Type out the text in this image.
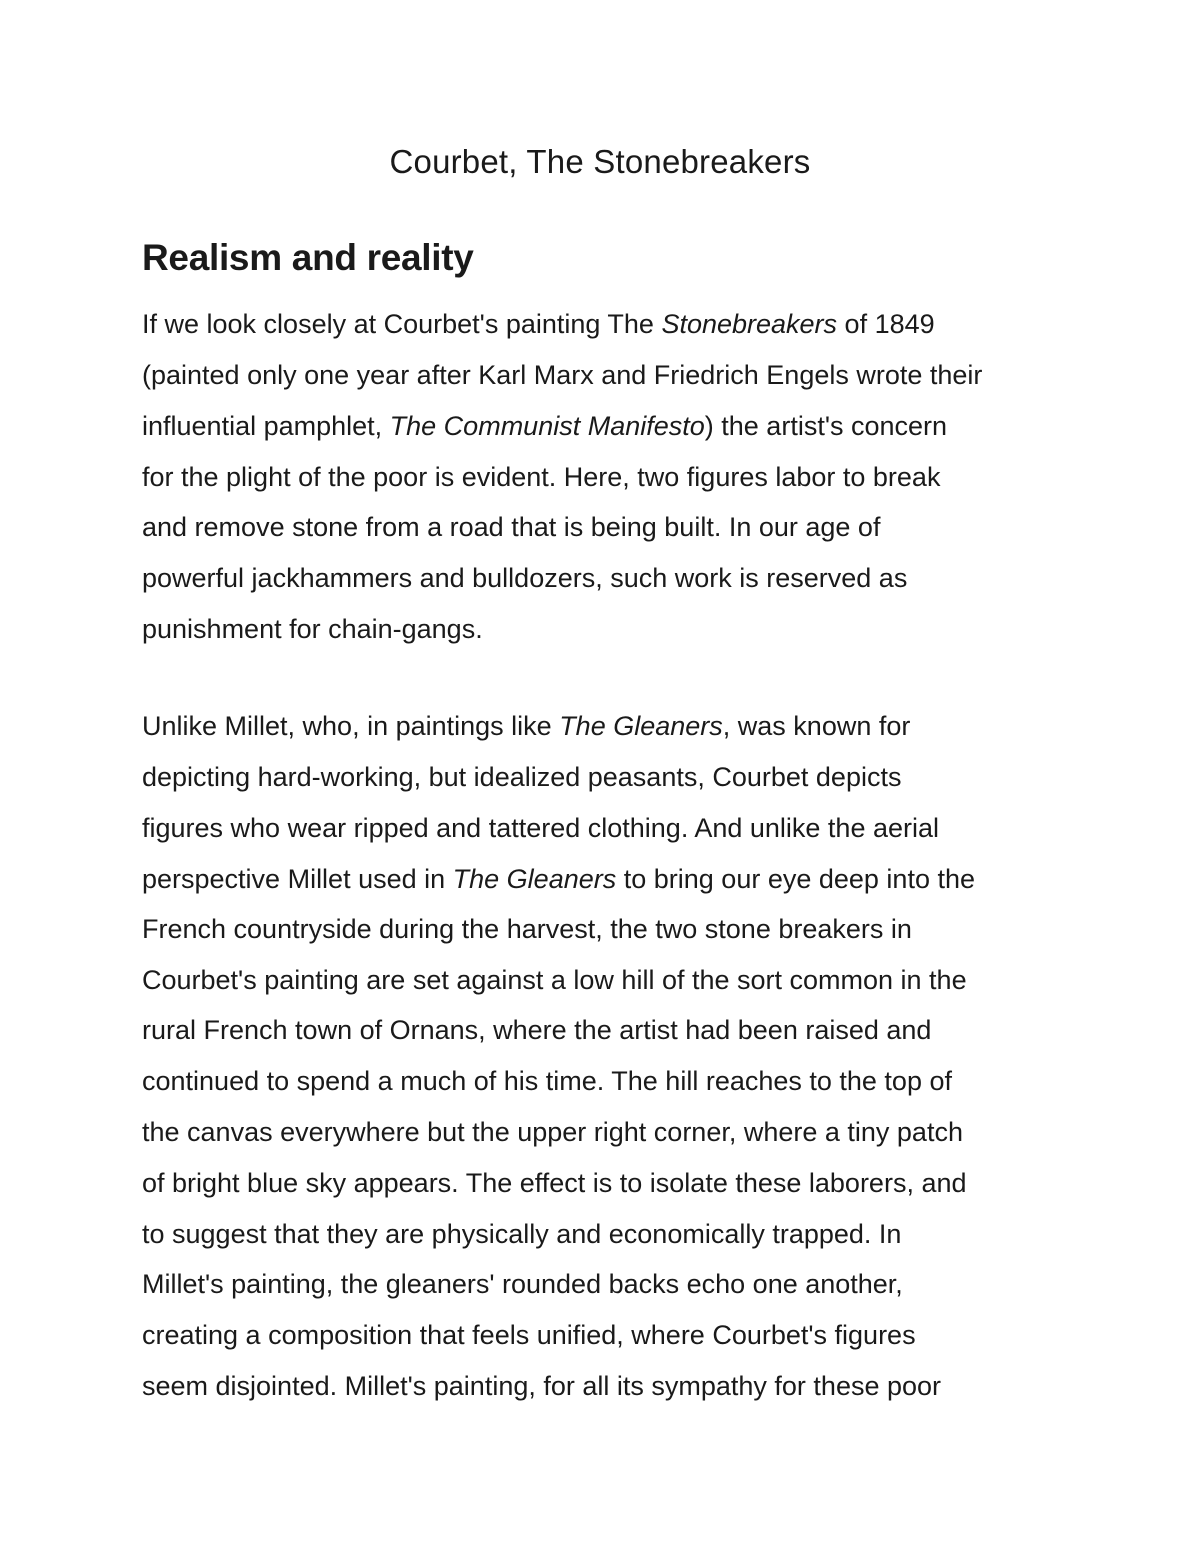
Courbet, The Stonebreakers
Realism and reality

If we look closely at Courbet's painting The Stonebreakers of 1849

(painted only one year after Karl Marx and Friedrich Engels wrote their

influential pamphlet, The Communist Manifesto) the artist's concern

for the plight of the poor is evident. Here, two figures labor to break

and remove stone from a road that is being built. In our age of

powerful jackhammers and bulldozers, such work is reserved as

punishment for chain-gangs.

Unlike Millet, who, in paintings like The Gleaners, was known for

depicting hard-working, but idealized peasants, Courbet depicts

figures who wear ripped and tattered clothing. And unlike the aerial

perspective Millet used in The Gleaners to bring our eye deep into the

French countryside during the harvest, the two stone breakers in

Courbet's painting are set against a low hill of the sort common in the

rural French town of Ornans, where the artist had been raised and

continued to spend a much of his time. The hill reaches to the top of

the canvas everywhere but the upper right corner, where a tiny patch

of bright blue sky appears. The effect is to isolate these laborers, and

to suggest that they are physically and economically trapped. In

Millet's painting, the gleaners' rounded backs echo one another,

creating a composition that feels unified, where Courbet's figures

seem disjointed. Millet's painting, for all its sympathy for these poor
